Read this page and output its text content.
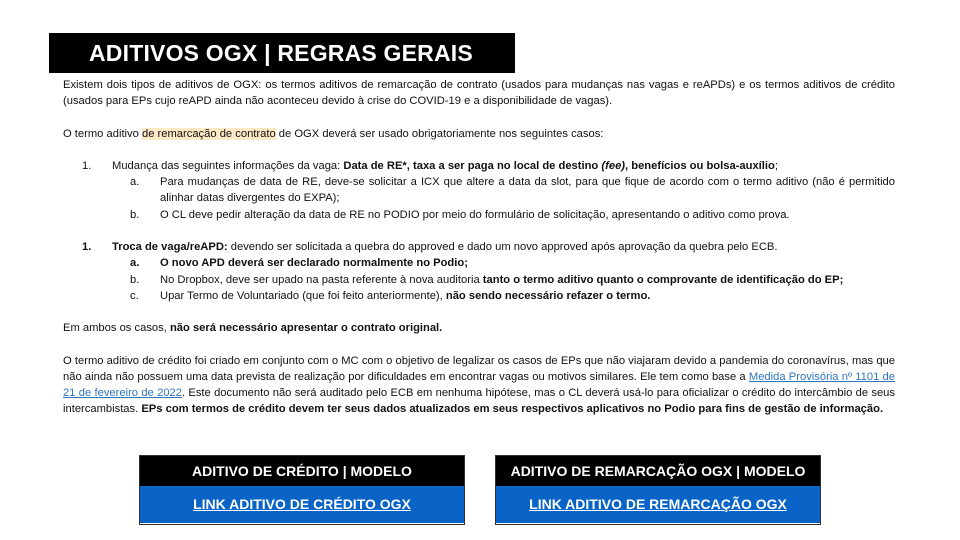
ADITIVOS OGX | REGRAS GERAIS

Existem dois tipos de aditivos de OGX: os termos aditivos de remarcação de contrato (usados para mudanças nas vagas e reAPDs) e os termos aditivos de crédito (usados para EPs cujo reAPD ainda não aconteceu devido à crise do COVID-19 e a disponibilidade de vagas).

O termo aditivo de remarcação de contrato de OGX deverá ser usado obrigatoriamente nos seguintes casos:

1. Mudança das seguintes informações da vaga: Data de RE*, taxa a ser paga no local de destino (fee), benefícios ou bolsa-auxílio;

a. Para mudanças de data de RE, deve-se solicitar a ICX que altere a data da slot, para que fique de acordo com o termo aditivo (não é permitido alinhar datas divergentes do EXPA);

b. O CL deve pedir alteração da data de RE no PODIO por meio do formulário de solicitação, apresentando o aditivo como prova.

1. Troca de vaga/reAPD: devendo ser solicitada a quebra do approved e dado um novo approved após aprovação da quebra pelo ECB.

a. O novo APD deverá ser declarado normalmente no Podio;

b. No Dropbox, deve ser upado na pasta referente à nova auditoria tanto o termo aditivo quanto o comprovante de identificação do EP;

c. Upar Termo de Voluntariado (que foi feito anteriormente), não sendo necessário refazer o termo.

Em ambos os casos, não será necessário apresentar o contrato original.

O termo aditivo de crédito foi criado em conjunto com o MC com o objetivo de legalizar os casos de EPs que não viajaram devido a pandemia do coronavírus, mas que não ainda não possuem uma data prevista de realização por dificuldades em encontrar vagas ou motivos similares. Ele tem como base a Medida Provisória nº 1101 de 21 de fevereiro de 2022. Este documento não será auditado pelo ECB em nenhuma hipótese, mas o CL deverá usá-lo para oficializar o crédito do intercâmbio de seus intercambistas. EPs com termos de crédito devem ter seus dados atualizados em seus respectivos aplicativos no Podio para fins de gestão de informação.

ADITIVO DE CRÉDITO | MODELO
LINK ADITIVO DE CRÉDITO OGX
ADITIVO DE REMARCAÇÃO OGX | MODELO
LINK ADITIVO DE REMARCAÇÃO OGX
